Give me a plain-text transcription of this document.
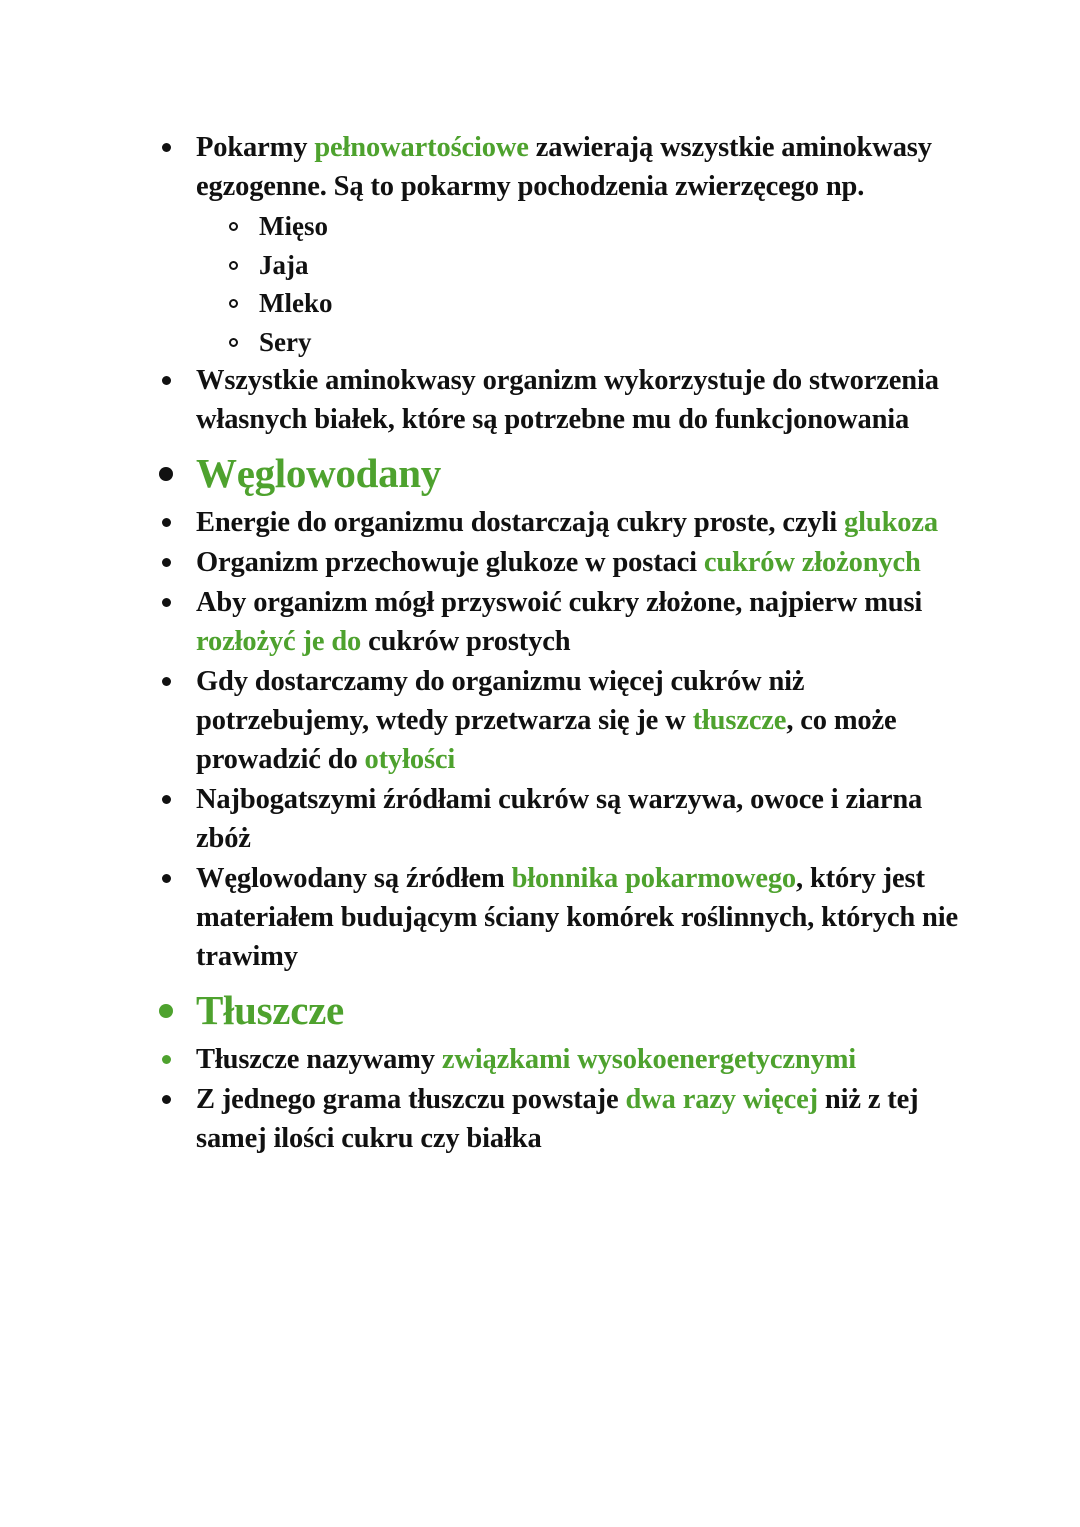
Pokarmy pełnowartościowe zawierają wszystkie aminokwasy egzogenne. Są to pokarmy pochodzenia zwierzęcego np.
Mięso
Jaja
Mleko
Sery
Wszystkie aminokwasy organizm wykorzystuje do stworzenia własnych białek, które są potrzebne mu do funkcjonowania
Węglowodany
Energie do organizmu dostarczają cukry proste, czyli glukoza
Organizm przechowuje glukoze w postaci cukrów złożonych
Aby organizm mógł przyswoić cukry złożone, najpierw musi rozłożyć je do cukrów prostych
Gdy dostarczamy do organizmu więcej cukrów niż potrzebujemy, wtedy przetwarza się je w tłuszcze, co może prowadzić do otyłości
Najbogatszymi źródłami cukrów są warzywa, owoce i ziarna zbóż
Węglowodany są źródłem błonnika pokarmowego, który jest materiałem budującym ściany komórek roślinnych, których nie trawimy
Tłuszcze
Tłuszcze nazywamy związkami wysokoenergetycznymi
Z jednego grama tłuszczu powstaje dwa razy więcej niż z tej samej ilości cukru czy białka
